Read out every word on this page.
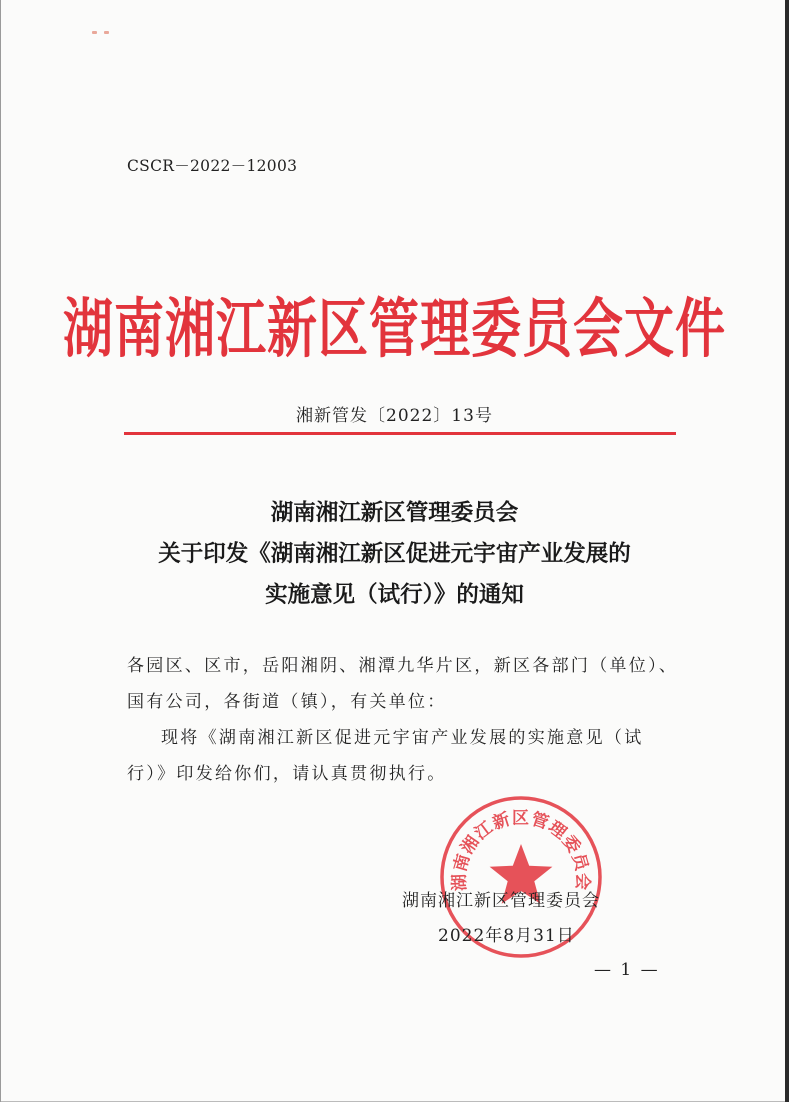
CSCR－2022－12003
湖南湘江新区管理委员会文件
湘新管发〔2022〕13号
湖南湘江新区管理委员会
关于印发《湖南湘江新区促进元宇宙产业发展的
实施意见（试行）》的通知

各园区、区市，岳阳湘阴、湘潭九华片区，新区各部门（单位）、国有公司，各街道（镇），有关单位：

现将《湖南湘江新区促进元宇宙产业发展的实施意见（试行）》印发给你们，请认真贯彻执行。

湖南湘江新区管理委员会
湖南湘江新区管理委员会
2022年8月31日
— 1 —
